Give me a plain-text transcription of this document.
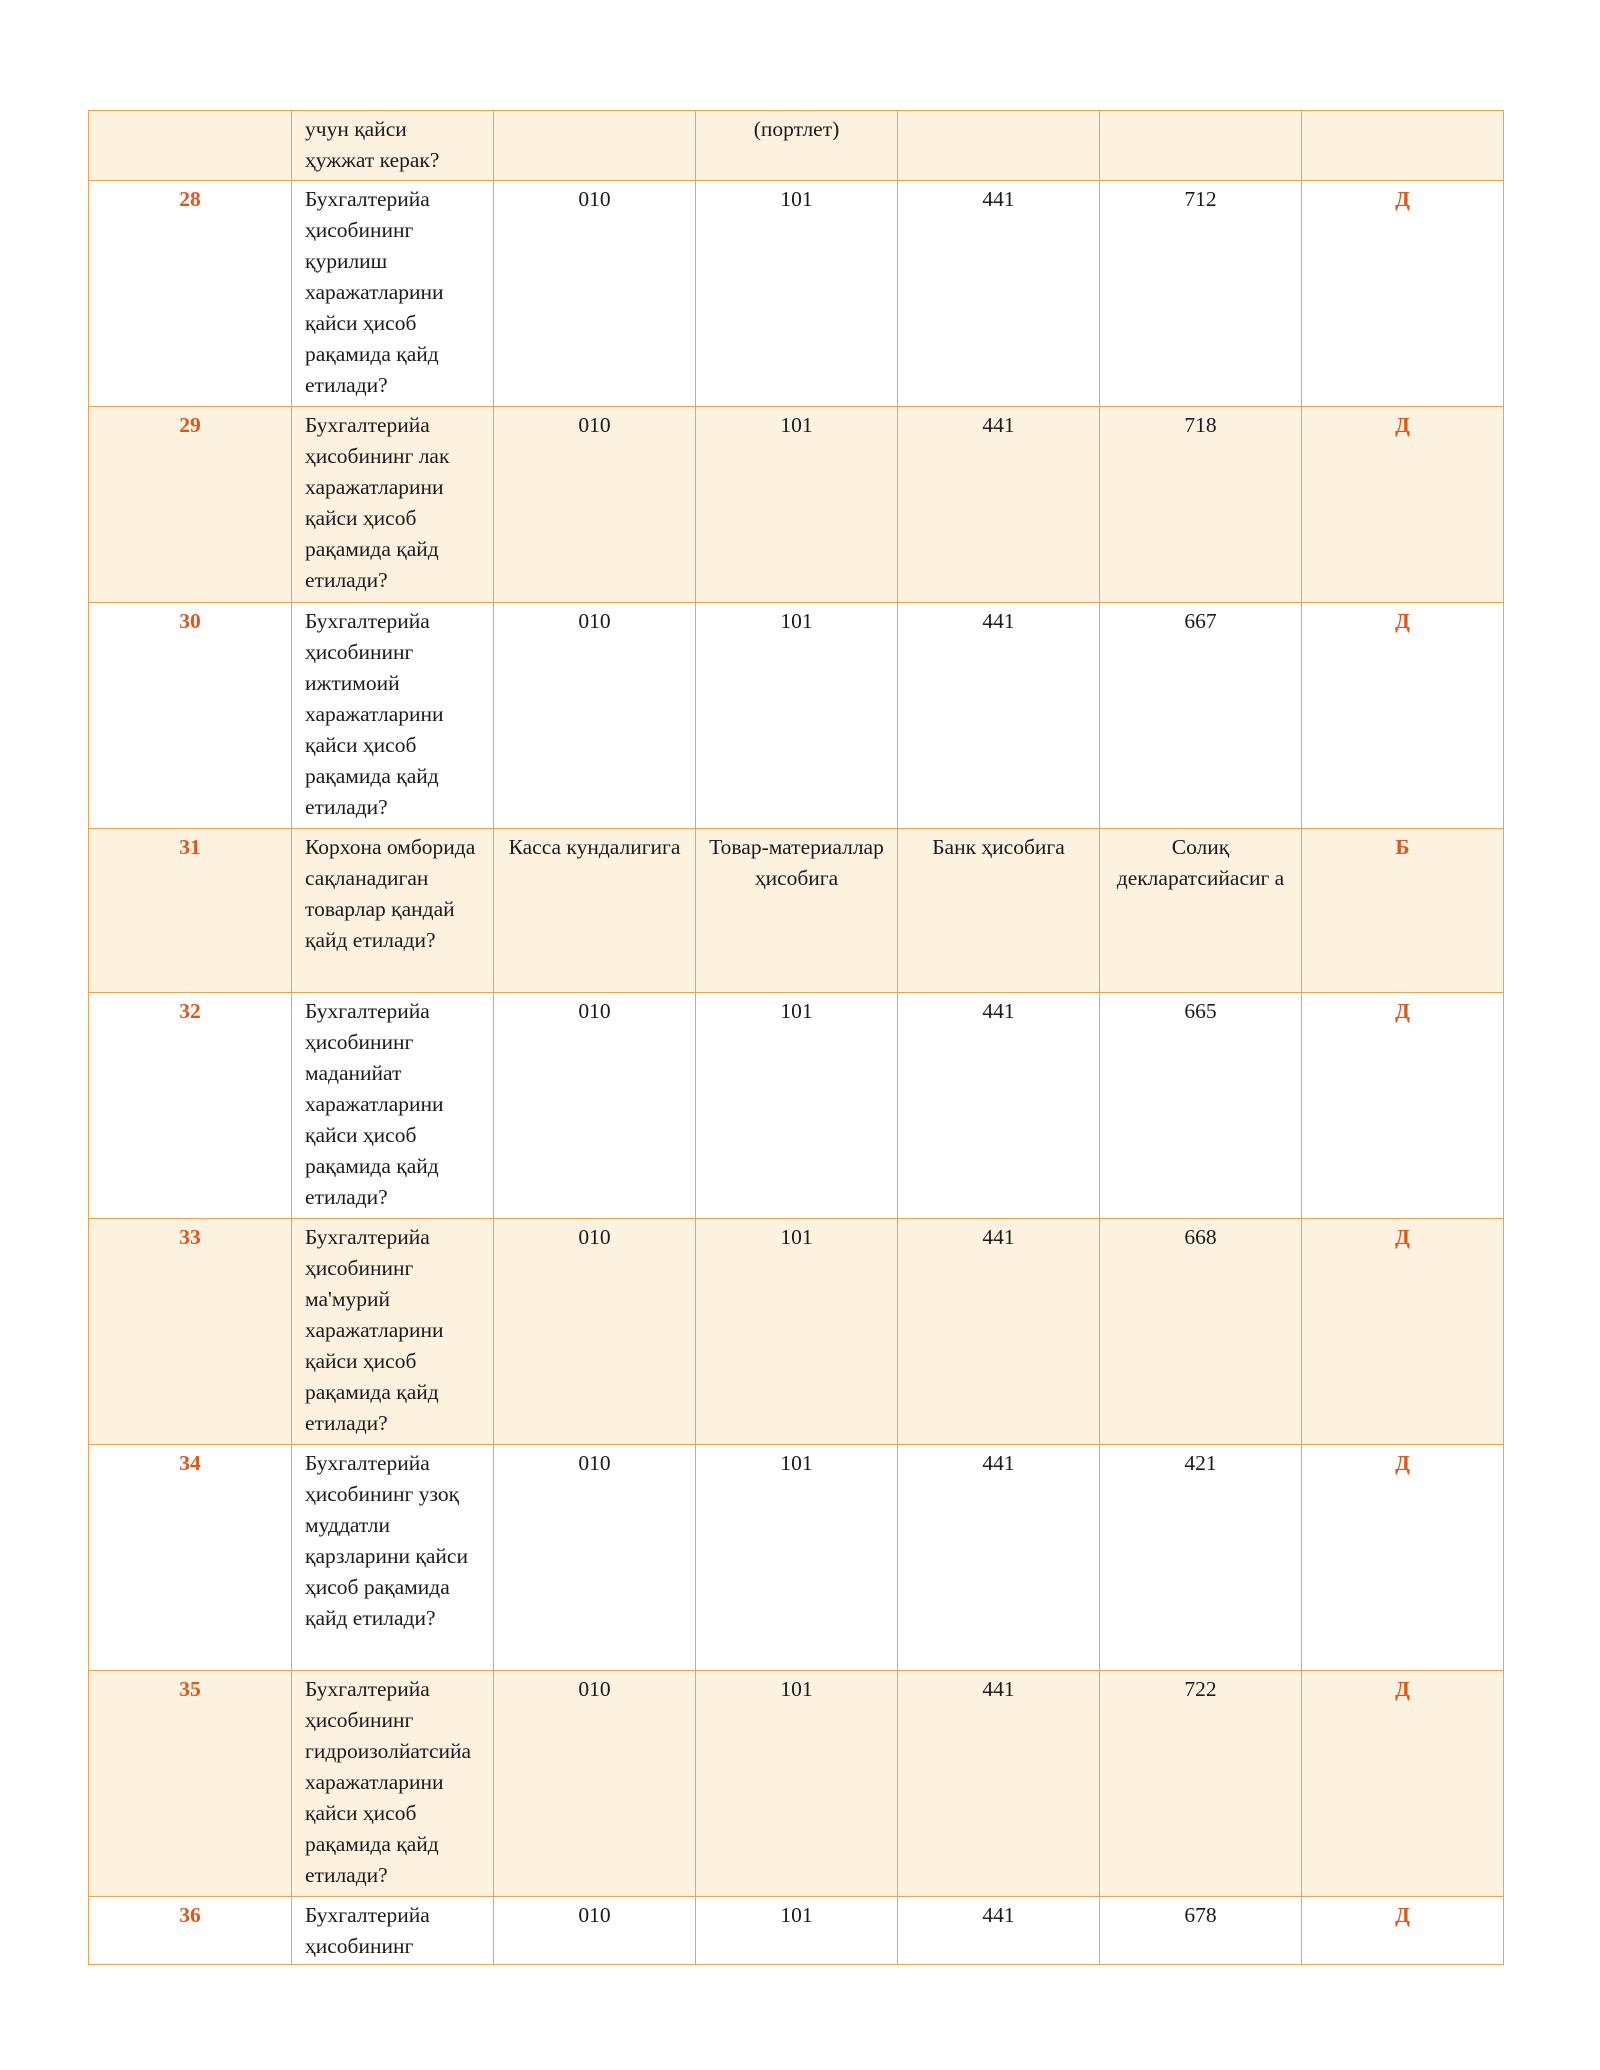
	учун қайси ҳужжат керак?		(портлет)			
28	Бухгалтерийа ҳисобининг қурилиш харажатларини қайси ҳисоб рақамида қайд етилади?	010	101	441	712	Д
29	Бухгалтерийа ҳисобининг лак харажатларини қайси ҳисоб рақамида қайд етилади?	010	101	441	718	Д
30	Бухгалтерийа ҳисобининг ижтимоий харажатларини қайси ҳисоб рақамида қайд етилади?	010	101	441	667	Д
31	Корхона омборида сақланадиган товарлар қандай қайд етилади?	Касса кундалигига	Товар-материаллар ҳисобига	Банк ҳисобига	Солиқ декларатсийасиг а	Б
32	Бухгалтерийа ҳисобининг маданийат харажатларини қайси ҳисоб рақамида қайд етилади?	010	101	441	665	Д
33	Бухгалтерийа ҳисобининг ма'мурий харажатларини қайси ҳисоб рақамида қайд етилади?	010	101	441	668	Д
34	Бухгалтерийа ҳисобининг узоқ муддатли қарзларини қайси ҳисоб рақамида қайд етилади?	010	101	441	421	Д
35	Бухгалтерийа ҳисобининг гидроизолйатсийа харажатларини қайси ҳисоб рақамида қайд етилади?	010	101	441	722	Д
36	Бухгалтерийа ҳисобининг	010	101	441	678	Д
